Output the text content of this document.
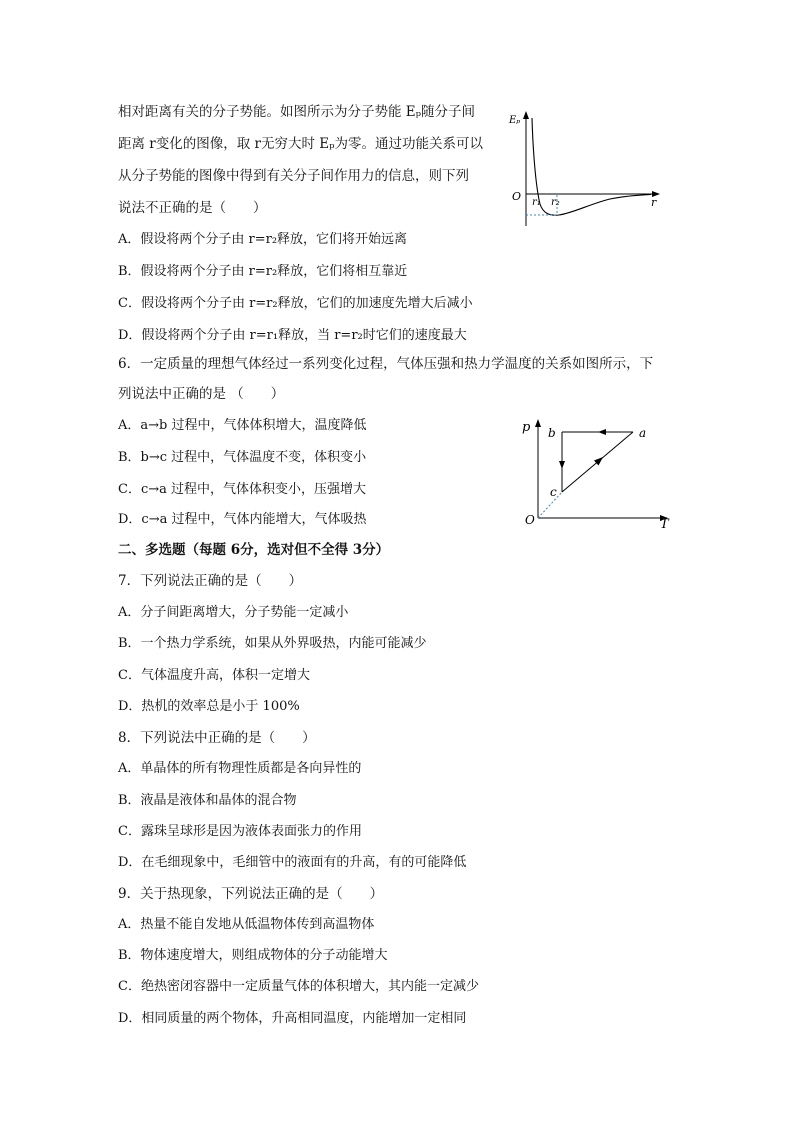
相对距离有关的分子势能。如图所示为分子势能 Eₚ随分子间
距离 r变化的图像，取 r无穷大时 Eₚ为零。通过功能关系可以
从分子势能的图像中得到有关分子间作用力的信息，则下列
说法不正确的是（　　）
A．假设将两个分子由 r=r₂释放，它们将开始远离
B．假设将两个分子由 r=r₂释放，它们将相互靠近
C．假设将两个分子由 r=r₂释放，它们的加速度先增大后减小
D．假设将两个分子由 r=r₁释放，当 r=r₂时它们的速度最大
Eₚ
O r₁ r₂	r
6．一定质量的理想气体经过一系列变化过程，气体压强和热力学温度的关系如图所示，下
列说法中正确的是 （　　）
A．a→b 过程中，气体体积增大，温度降低
B．b→c 过程中，气体温度不变，体积变小
C．c→a 过程中，气体体积变小，压强增大
D．c→a 过程中，气体内能增大，气体吸热
p b	a
c
O	T
二、多选题（每题 6分，选对但不全得 3分）
7．下列说法正确的是（　　）
A．分子间距离增大，分子势能一定减小
B．一个热力学系统，如果从外界吸热，内能可能减少
C．气体温度升高，体积一定增大
D．热机的效率总是小于 100%
8．下列说法中正确的是（　　）
A．单晶体的所有物理性质都是各向异性的
B．液晶是液体和晶体的混合物
C．露珠呈球形是因为液体表面张力的作用
D．在毛细现象中，毛细管中的液面有的升高，有的可能降低
9．关于热现象，下列说法正确的是（　　）
A．热量不能自发地从低温物体传到高温物体
B．物体速度增大，则组成物体的分子动能增大
C．绝热密闭容器中一定质量气体的体积增大，其内能一定减少
D．相同质量的两个物体，升高相同温度，内能增加一定相同
